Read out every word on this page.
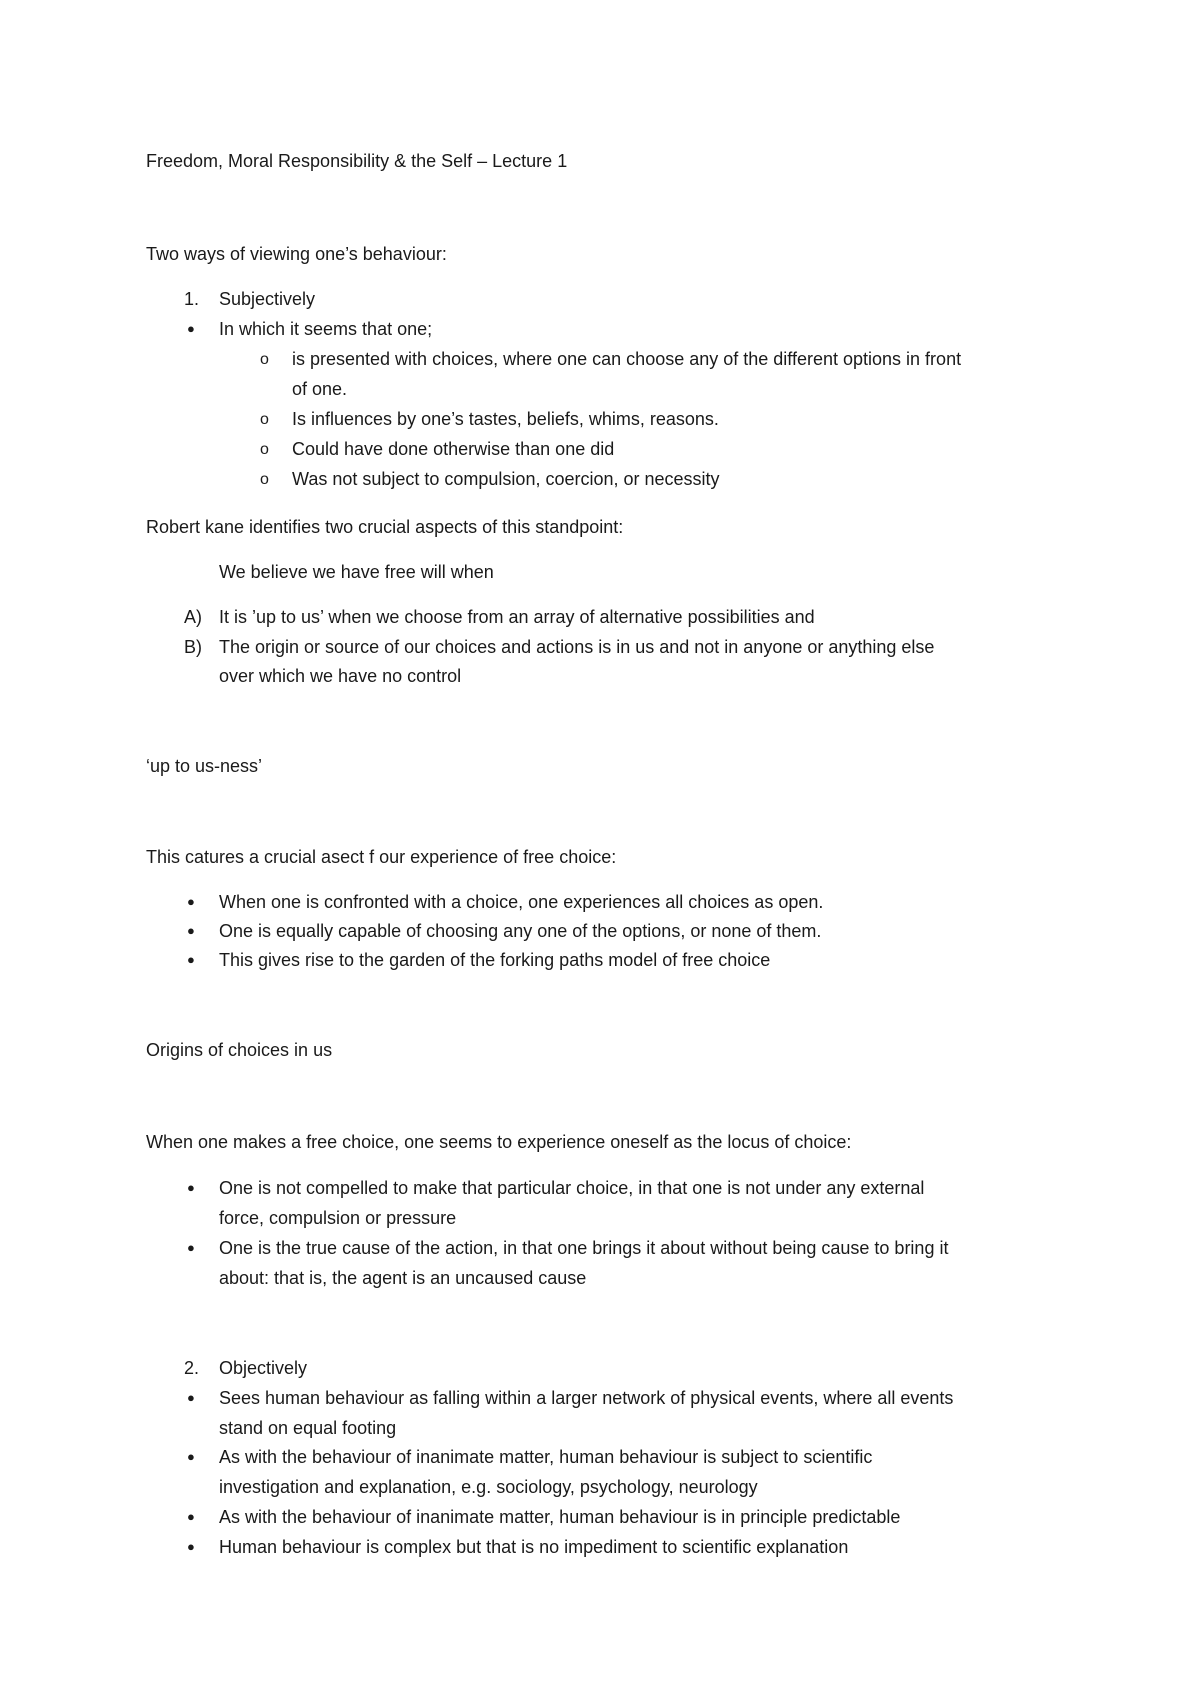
Freedom, Moral Responsibility & the Self – Lecture 1
Two ways of viewing one’s behaviour:
1. Subjectively
● In which it seems that one;
o is presented with choices, where one can choose any of the different options in front
of one.
o Is influences by one’s tastes, beliefs, whims, reasons.
o Could have done otherwise than one did
o Was not subject to compulsion, coercion, or necessity
Robert kane identifies two crucial aspects of this standpoint:
We believe we have free will when
A) It is ’up to us’ when we choose from an array of alternative possibilities and
B) The origin or source of our choices and actions is in us and not in anyone or anything else
over which we have no control
‘up to us-ness’
This catures a crucial asect f our experience of free choice:
● When one is confronted with a choice, one experiences all choices as open.
● One is equally capable of choosing any one of the options, or none of them.
● This gives rise to the garden of the forking paths model of free choice
Origins of choices in us
When one makes a free choice, one seems to experience oneself as the locus of choice:
● One is not compelled to make that particular choice, in that one is not under any external
force, compulsion or pressure
● One is the true cause of the action, in that one brings it about without being cause to bring it
about: that is, the agent is an uncaused cause
2. Objectively
● Sees human behaviour as falling within a larger network of physical events, where all events
stand on equal footing
● As with the behaviour of inanimate matter, human behaviour is subject to scientific
investigation and explanation, e.g. sociology, psychology, neurology
● As with the behaviour of inanimate matter, human behaviour is in principle predictable
● Human behaviour is complex but that is no impediment to scientific explanation
